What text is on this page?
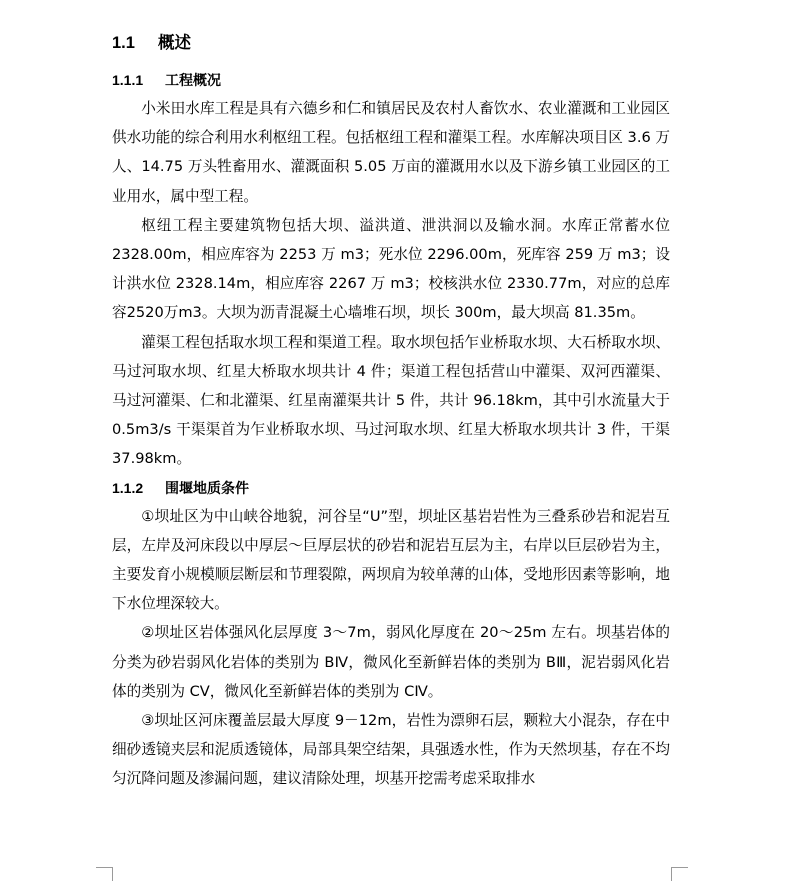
1.1 概述
1.1.1 工程概况

小米田水库工程是具有六德乡和仁和镇居民及农村人畜饮水、农业灌溉和工业园区供水功能的综合利用水利枢纽工程。包括枢纽工程和灌渠工程。水库解决项目区 3.6 万人、14.75 万头牲畜用水、灌溉面积 5.05 万亩的灌溉用水以及下游乡镇工业园区的工业用水，属中型工程。

枢纽工程主要建筑物包括大坝、溢洪道、泄洪洞以及输水洞。水库正常蓄水位 2328.00m，相应库容为 2253 万 m3；死水位 2296.00m，死库容 259 万 m3；设计洪水位 2328.14m，相应库容 2267 万 m3；校核洪水位 2330.77m，对应的总库容2520万m3。大坝为沥青混凝土心墙堆石坝，坝长 300m，最大坝高 81.35m。

灌渠工程包括取水坝工程和渠道工程。取水坝包括乍业桥取水坝、大石桥取水坝、马过河取水坝、红星大桥取水坝共计 4 件；渠道工程包括营山中灌渠、双河西灌渠、马过河灌渠、仁和北灌渠、红星南灌渠共计 5 件，共计 96.18km，其中引水流量大于 0.5m3/s 干渠渠首为乍业桥取水坝、马过河取水坝、红星大桥取水坝共计 3 件，干渠 37.98km。

1.1.2 围堰地质条件

①坝址区为中山峡谷地貌，河谷呈“U”型，坝址区基岩岩性为三叠系砂岩和泥岩互层，左岸及河床段以中厚层～巨厚层状的砂岩和泥岩互层为主，右岸以巨层砂岩为主，主要发育小规模顺层断层和节理裂隙，两坝肩为较单薄的山体，受地形因素等影响，地下水位埋深较大。

②坝址区岩体强风化层厚度 3～7m，弱风化厚度在 20～25m 左右。坝基岩体的分类为砂岩弱风化岩体的类别为 BⅣ，微风化至新鲜岩体的类别为 BⅢ，泥岩弱风化岩体的类别为 CⅤ，微风化至新鲜岩体的类别为 CⅣ。

③坝址区河床覆盖层最大厚度 9－12m，岩性为漂卵石层，颗粒大小混杂，存在中细砂透镜夹层和泥质透镜体，局部具架空结架，具强透水性，作为天然坝基，存在不均匀沉降问题及渗漏问题，建议清除处理，坝基开挖需考虑采取排水
